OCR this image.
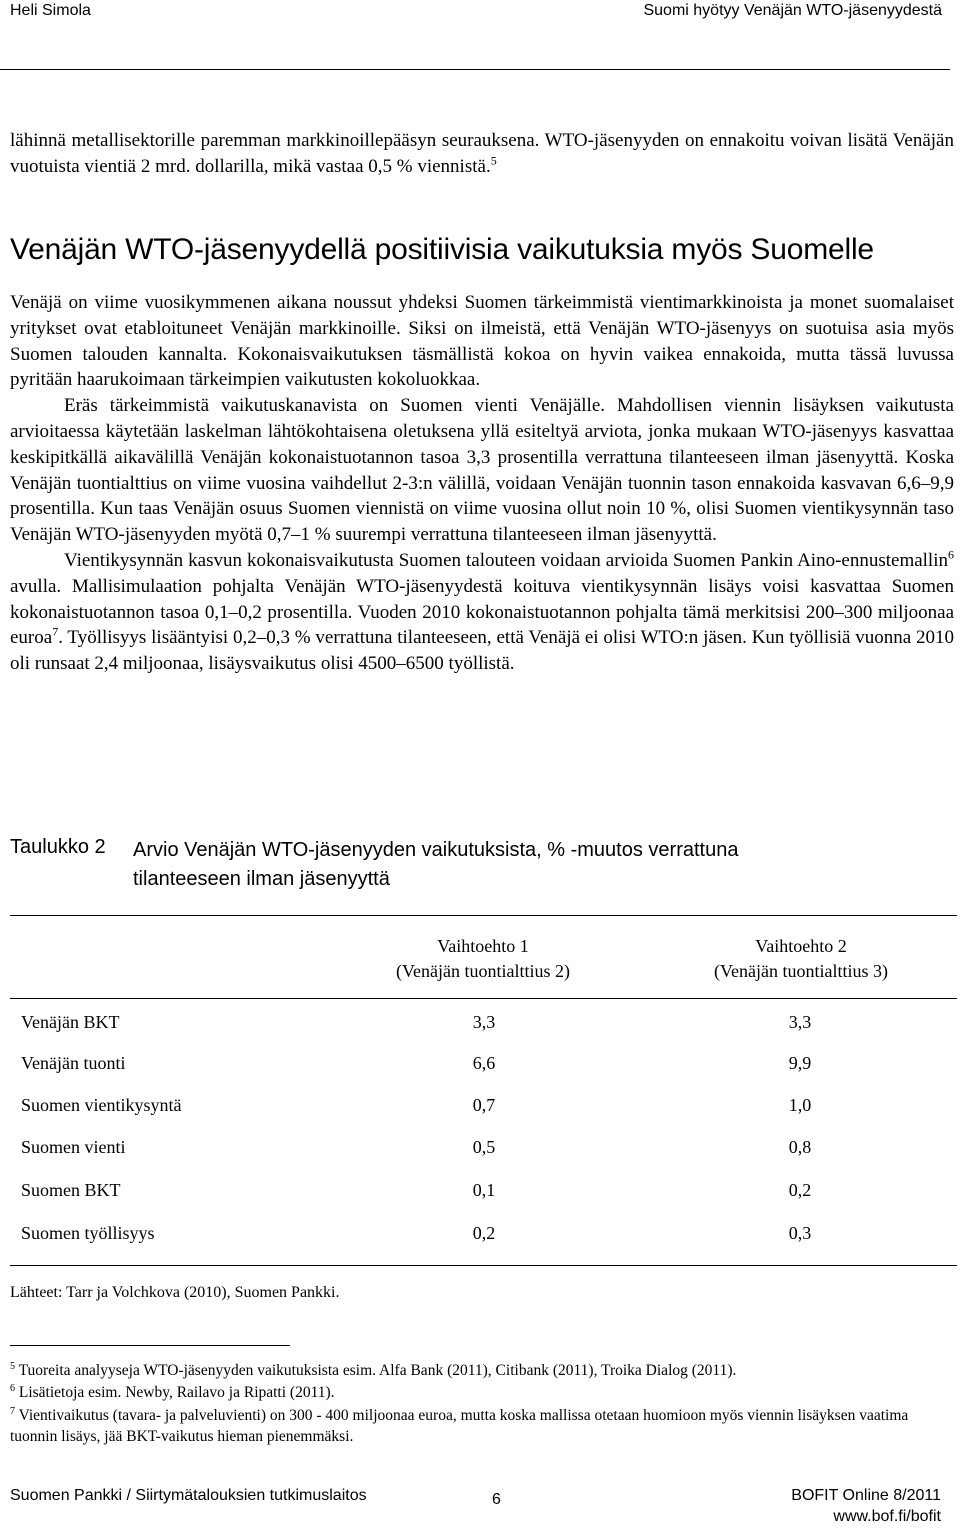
Heli Simola	Suomi hyötyy Venäjän WTO-jäsenyydestä

lähinnä metallisektorille paremman markkinoillepääsyn seurauksena. WTO-jäsenyyden on ennakoitu voivan lisätä Venäjän vuotuista vientiä 2 mrd. dollarilla, mikä vastaa 0,5 % viennistä.$^5$

Venäjän WTO-jäsenyydellä positiivisia vaikutuksia myös Suomelle

Venäjä on viime vuosikymmenen aikana noussut yhdeksi Suomen tärkeimmistä vientimarkkinoista ja monet suomalaiset yritykset ovat etabloituneet Venäjän markkinoille. Siksi on ilmeistä, että Venäjän WTO-jäsenyys on suotuisa asia myös Suomen talouden kannalta. Kokonaisvaikutuksen täsmällistä kokoa on hyvin vaikea ennakoida, mutta tässä luvussa pyritään haarukoimaan tärkeimpien vaikutusten kokoluokkaa.

Eräs tärkeimmistä vaikutuskanavista on Suomen vienti Venäjälle. Mahdollisen viennin lisäyksen vaikutusta arvioitaessa käytetään laskelman lähtökohtaisena oletuksena yllä esiteltyä arviota, jonka mukaan WTO-jäsenyys kasvattaa keskipitkällä aikavälillä Venäjän kokonaistuotannon tasoa 3,3 prosentilla verrattuna tilanteeseen ilman jäsenyyttä. Koska Venäjän tuontialttius on viime vuosina vaihdellut 2-3:n välillä, voidaan Venäjän tuonnin tason ennakoida kasvavan 6,6–9,9 prosentilla. Kun taas Venäjän osuus Suomen viennistä on viime vuosina ollut noin 10 %, olisi Suomen vientikysynnän taso Venäjän WTO-jäsenyyden myötä 0,7–1 % suurempi verrattuna tilanteeseen ilman jäsenyyttä.

Vientikysynnän kasvun kokonaisvaikutusta Suomen talouteen voidaan arvioida Suomen Pankin Aino-ennustemallin$^6$ avulla. Mallisimulaation pohjalta Venäjän WTO-jäsenyydestä koituva vientikysynnän lisäys voisi kasvattaa Suomen kokonaistuotannon tasoa 0,1–0,2 prosentilla. Vuoden 2010 kokonaistuotannon pohjalta tämä merkitsisi 200–300 miljoonaa euroa$^7$. Työllisyys lisääntyisi 0,2–0,3 % verrattuna tilanteeseen, että Venäjä ei olisi WTO:n jäsen. Kun työllisiä vuonna 2010 oli runsaat 2,4 miljoonaa, lisäysvaikutus olisi 4500–6500 työllistä.

Taulukko 2 Arvio Venäjän WTO-jäsenyyden vaikutuksista, % -muutos verrattuna tilanteeseen ilman jäsenyyttä
Vaihtoehto 1
(Venäjän tuontialttius 2)
Vaihtoehto 2
(Venäjän tuontialttius 3)
Venäjän BKT	3,3	3,3
Venäjän tuonti	6,6	9,9
Suomen vientikysyntä	0,7	1,0
Suomen vienti	0,5	0,8
Suomen BKT	0,1	0,2
Suomen työllisyys	0,2	0,3
Lähteet: Tarr ja Volchkova (2010), Suomen Pankki.
$^5$ Tuoreita analyyseja WTO-jäsenyyden vaikutuksista esim. Alfa Bank (2011), Citibank (2011), Troika Dialog (2011).
$^6$ Lisätietoja esim. Newby, Railavo ja Ripatti (2011).
$^7$ Vientivaikutus (tavara- ja palveluvienti) on 300 - 400 miljoonaa euroa, mutta koska mallissa otetaan huomioon myös viennin lisäyksen vaatima tuonnin lisäys, jää BKT-vaikutus hieman pienemmäksi.
Suomen Pankki / Siirtymätalouksien tutkimuslaitos	6	BOFIT Online 8/2011
www.bof.fi/bofit
